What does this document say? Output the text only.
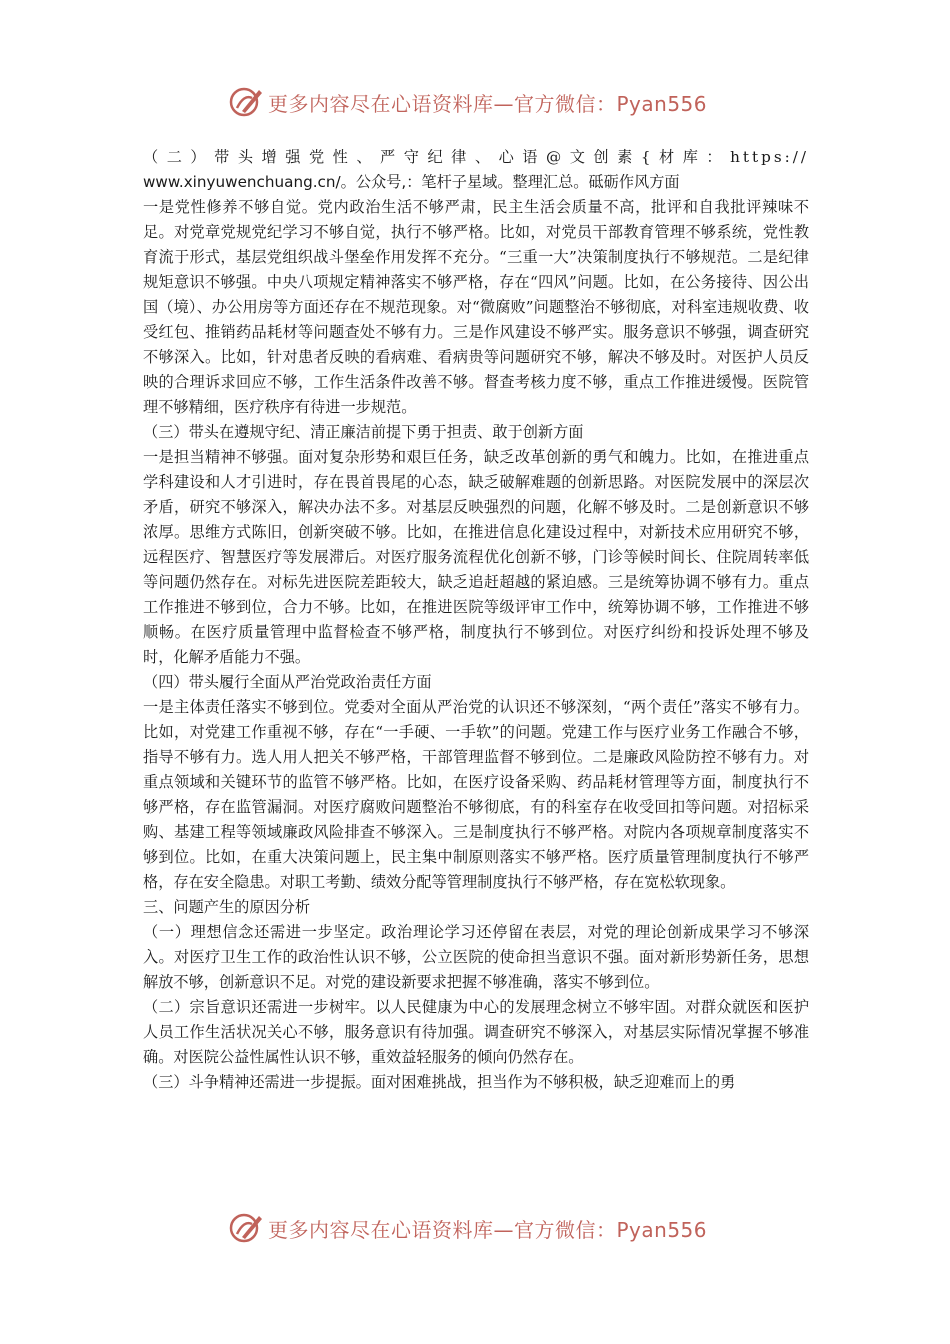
更多内容尽在心语资料库—官方微信：Pyan556

（二）带头增强党性、严守纪律、心语@文创素{材库：https://

www.xinyuwenchuang.cn/。公众号,：笔杆子星域。整理汇总。砥砺作风方面

一是党性修养不够自觉。党内政治生活不够严肃，民主生活会质量不高，批评和自我批评辣味不足。对党章党规党纪学习不够自觉，执行不够严格。比如，对党员干部教育管理不够系统，党性教育流于形式，基层党组织战斗堡垒作用发挥不充分。“三重一大”决策制度执行不够规范。二是纪律规矩意识不够强。中央八项规定精神落实不够严格，存在“四风”问题。比如，在公务接待、因公出国（境）、办公用房等方面还存在不规范现象。对“微腐败”问题整治不够彻底，对科室违规收费、收受红包、推销药品耗材等问题查处不够有力。三是作风建设不够严实。服务意识不够强，调查研究不够深入。比如，针对患者反映的看病难、看病贵等问题研究不够，解决不够及时。对医护人员反映的合理诉求回应不够，工作生活条件改善不够。督查考核力度不够，重点工作推进缓慢。医院管理不够精细，医疗秩序有待进一步规范。

（三）带头在遵规守纪、清正廉洁前提下勇于担责、敢于创新方面

一是担当精神不够强。面对复杂形势和艰巨任务，缺乏改革创新的勇气和魄力。比如，在推进重点学科建设和人才引进时，存在畏首畏尾的心态，缺乏破解难题的创新思路。对医院发展中的深层次矛盾，研究不够深入，解决办法不多。对基层反映强烈的问题，化解不够及时。二是创新意识不够浓厚。思维方式陈旧，创新突破不够。比如，在推进信息化建设过程中，对新技术应用研究不够，远程医疗、智慧医疗等发展滞后。对医疗服务流程优化创新不够，门诊等候时间长、住院周转率低等问题仍然存在。对标先进医院差距较大，缺乏追赶超越的紧迫感。三是统筹协调不够有力。重点工作推进不够到位，合力不够。比如，在推进医院等级评审工作中，统筹协调不够，工作推进不够顺畅。在医疗质量管理中监督检查不够严格，制度执行不够到位。对医疗纠纷和投诉处理不够及时，化解矛盾能力不强。

（四）带头履行全面从严治党政治责任方面

一是主体责任落实不够到位。党委对全面从严治党的认识还不够深刻，“两个责任”落实不够有力。比如，对党建工作重视不够，存在“一手硬、一手软”的问题。党建工作与医疗业务工作融合不够，指导不够有力。选人用人把关不够严格，干部管理监督不够到位。二是廉政风险防控不够有力。对重点领域和关键环节的监管不够严格。比如，在医疗设备采购、药品耗材管理等方面，制度执行不够严格，存在监管漏洞。对医疗腐败问题整治不够彻底，有的科室存在收受回扣等问题。对招标采购、基建工程等领域廉政风险排查不够深入。三是制度执行不够严格。对院内各项规章制度落实不够到位。比如，在重大决策问题上，民主集中制原则落实不够严格。医疗质量管理制度执行不够严格，存在安全隐患。对职工考勤、绩效分配等管理制度执行不够严格，存在宽松软现象。

三、问题产生的原因分析

（一）理想信念还需进一步坚定。政治理论学习还停留在表层，对党的理论创新成果学习不够深入。对医疗卫生工作的政治性认识不够，公立医院的使命担当意识不强。面对新形势新任务，思想解放不够，创新意识不足。对党的建设新要求把握不够准确，落实不够到位。

（二）宗旨意识还需进一步树牢。以人民健康为中心的发展理念树立不够牢固。对群众就医和医护人员工作生活状况关心不够，服务意识有待加强。调查研究不够深入，对基层实际情况掌握不够准确。对医院公益性属性认识不够，重效益轻服务的倾向仍然存在。

（三）斗争精神还需进一步提振。面对困难挑战，担当作为不够积极，缺乏迎难而上的勇

更多内容尽在心语资料库—官方微信：Pyan556
